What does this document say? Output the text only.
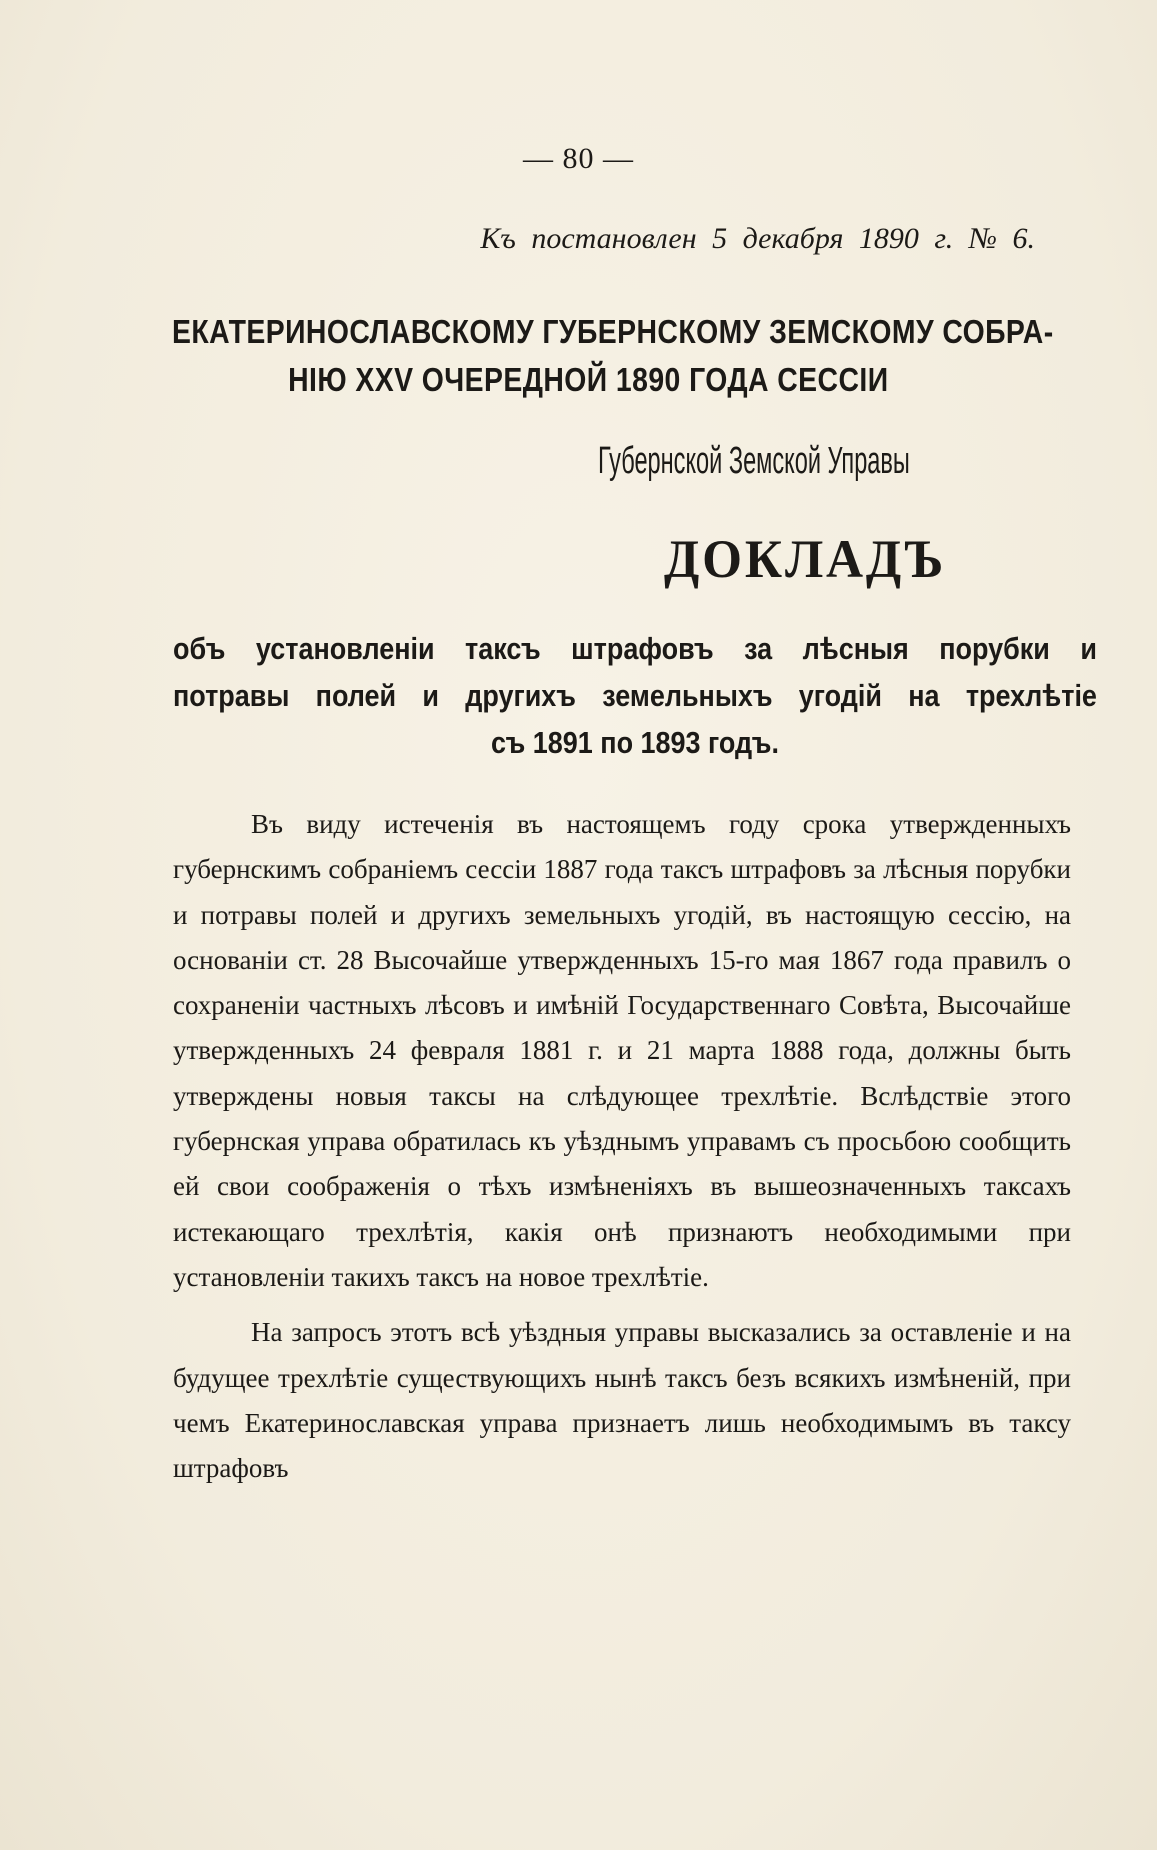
— 80 —
Къ постановлен 5 декабря 1890 г. № 6.
ЕКАТЕРИНОСЛАВСКОМУ ГУБЕРНСКОМУ ЗЕМСКОМУ СОБРА-
НІЮ XXV ОЧЕРЕДНОЙ 1890 ГОДА СЕССІИ
Губернской Земской Управы
ДОКЛАДЪ
объ установленіи таксъ штрафовъ за лѣсныя порубки и
потравы полей и другихъ земельныхъ угодій на трехлѣтіе
съ 1891 по 1893 годъ.

Въ виду истеченія въ настоящемъ году срока утвержденныхъ губернскимъ собраніемъ сессіи 1887 года таксъ штрафовъ за лѣсныя порубки и потравы полей и другихъ земельныхъ угодій, въ настоящую сессію, на основаніи ст. 28 Высочайше утвержденныхъ 15-го мая 1867 года правилъ о сохраненіи частныхъ лѣсовъ и имѣній Государственнаго Совѣта, Высочайше утвержденныхъ 24 февраля 1881 г. и 21 марта 1888 года, должны быть утверждены новыя таксы на слѣдующее трехлѣтіе. Вслѣдствіе этого губернская управа обратилась къ уѣзднымъ управамъ съ просьбою сообщить ей свои соображенія о тѣхъ измѣненіяхъ въ вышеозначенныхъ таксахъ истекающаго трехлѣтія, какія онѣ признаютъ необходимыми при установленіи такихъ таксъ на новое трехлѣтіе.

На запросъ этотъ всѣ уѣздныя управы высказались за оставленіе и на будущее трехлѣтіе существующихъ нынѣ таксъ безъ всякихъ измѣненій, при чемъ Екатеринославская управа признаетъ лишь необходимымъ въ таксу штрафовъ
